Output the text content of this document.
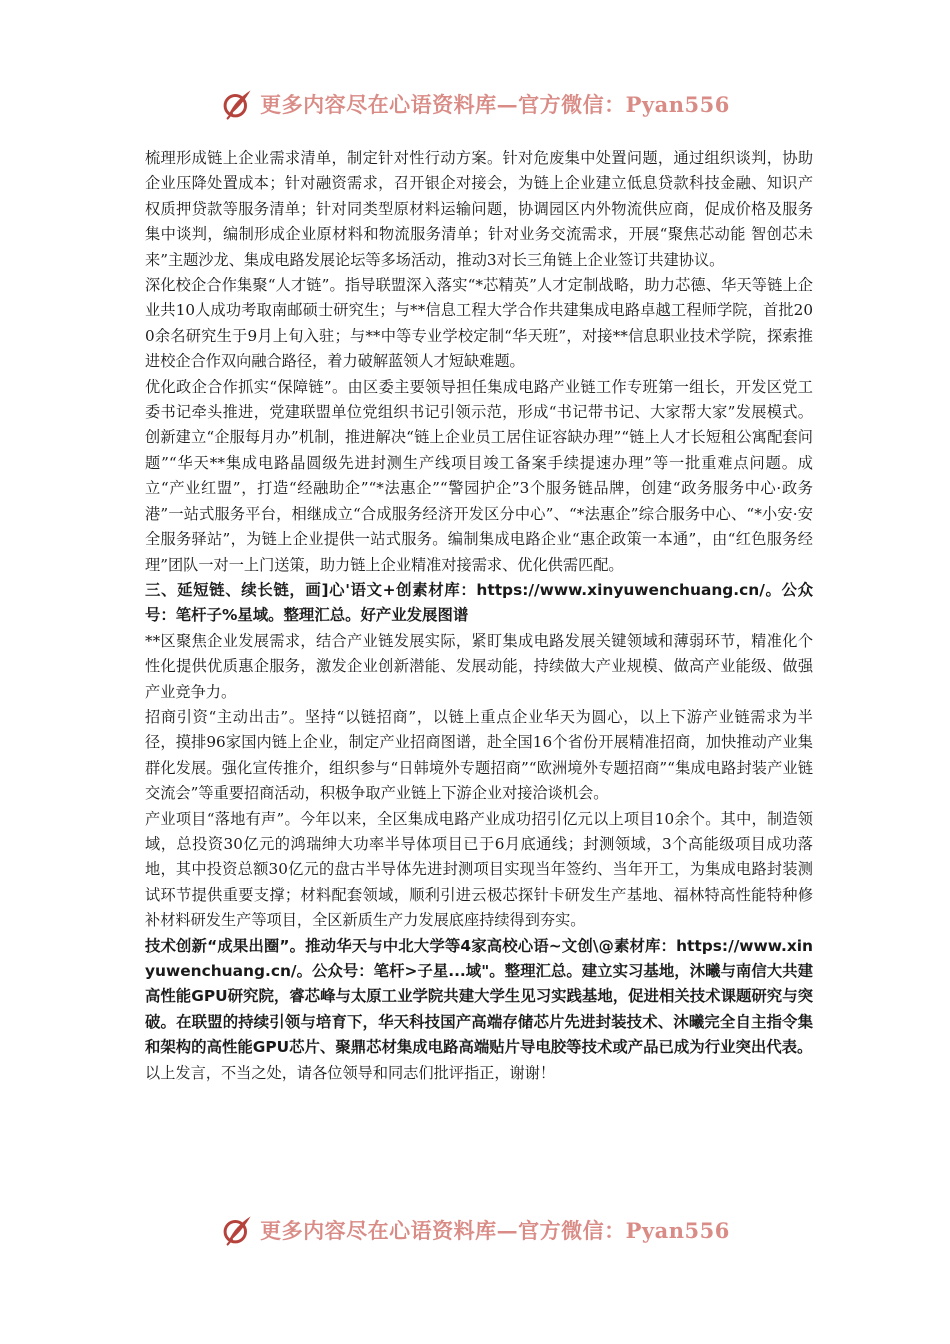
更多内容尽在心语资料库—官方微信：Pyan556

梳理形成链上企业需求清单，制定针对性行动方案。针对危废集中处置问题，通过组织谈判，协助企业压降处置成本；针对融资需求，召开银企对接会，为链上企业建立低息贷款科技金融、知识产权质押贷款等服务清单；针对同类型原材料运输问题，协调园区内外物流供应商，促成价格及服务集中谈判，编制形成企业原材料和物流服务清单；针对业务交流需求，开展“聚焦芯动能 智创芯未来”主题沙龙、集成电路发展论坛等多场活动，推动3对长三角链上企业签订共建协议。

深化校企合作集聚“人才链”。指导联盟深入落实“*芯精英”人才定制战略，助力芯德、华天等链上企业共10人成功考取南邮硕士研究生；与**信息工程大学合作共建集成电路卓越工程师学院，首批200余名研究生于9月上旬入驻；与**中等专业学校定制“华天班”，对接**信息职业技术学院，探索推进校企合作双向融合路径，着力破解蓝领人才短缺难题。

优化政企合作抓实“保障链”。由区委主要领导担任集成电路产业链工作专班第一组长，开发区党工委书记牵头推进，党建联盟单位党组织书记引领示范，形成“书记带书记、大家帮大家”发展模式。创新建立“企服每月办”机制，推进解决“链上企业员工居住证容缺办理”“链上人才长短租公寓配套问题”“华天**集成电路晶圆级先进封测生产线项目竣工备案手续提速办理”等一批重难点问题。成立“产业红盟”，打造“经融助企”“*法惠企”“警园护企”3个服务链品牌，创建“政务服务中心·政务港”一站式服务平台，相继成立“合成服务经济开发区分中心”、“*法惠企”综合服务中心、“*小安·安全服务驿站”，为链上企业提供一站式服务。编制集成电路企业“惠企政策一本通”，由“红色服务经理”团队一对一上门送策，助力链上企业精准对接需求、优化供需匹配。

三、延短链、续长链，画]心'语文+创素材库：https://www.xinyuwenchuang.cn/。公众号：笔杆子%星域。整理汇总。好产业发展图谱

**区聚焦企业发展需求，结合产业链发展实际，紧盯集成电路发展关键领域和薄弱环节，精准化个性化提供优质惠企服务，激发企业创新潜能、发展动能，持续做大产业规模、做高产业能级、做强产业竞争力。

招商引资“主动出击”。坚持“以链招商”，以链上重点企业华天为圆心，以上下游产业链需求为半径，摸排96家国内链上企业，制定产业招商图谱，赴全国16个省份开展精准招商，加快推动产业集群化发展。强化宣传推介，组织参与“日韩境外专题招商”“欧洲境外专题招商”“集成电路封装产业链交流会”等重要招商活动，积极争取产业链上下游企业对接洽谈机会。

产业项目“落地有声”。今年以来，全区集成电路产业成功招引亿元以上项目10余个。其中，制造领域，总投资30亿元的鸿瑞绅大功率半导体项目已于6月底通线；封测领域，3个高能级项目成功落地，其中投资总额30亿元的盘古半导体先进封测项目实现当年签约、当年开工，为集成电路封装测试环节提供重要支撑；材料配套领域，顺利引进云极芯探针卡研发生产基地、福林特高性能特种修补材料研发生产等项目，全区新质生产力发展底座持续得到夯实。

技术创新“成果出圈”。推动华天与中北大学等4家高校心语~文创\@素材库：https://www.xinyuwenchuang.cn/。公众号：笔杆>子星...域"。整理汇总。建立实习基地，沐曦与南信大共建高性能GPU研究院，睿芯峰与太原工业学院共建大学生见习实践基地，促进相关技术课题研究与突破。在联盟的持续引领与培育下，华天科技国产高端存储芯片先进封装技术、沐曦完全自主指令集和架构的高性能GPU芯片、聚鼎芯材集成电路高端贴片导电胶等技术或产品已成为行业突出代表。

以上发言，不当之处，请各位领导和同志们批评指正，谢谢！

更多内容尽在心语资料库—官方微信：Pyan556
